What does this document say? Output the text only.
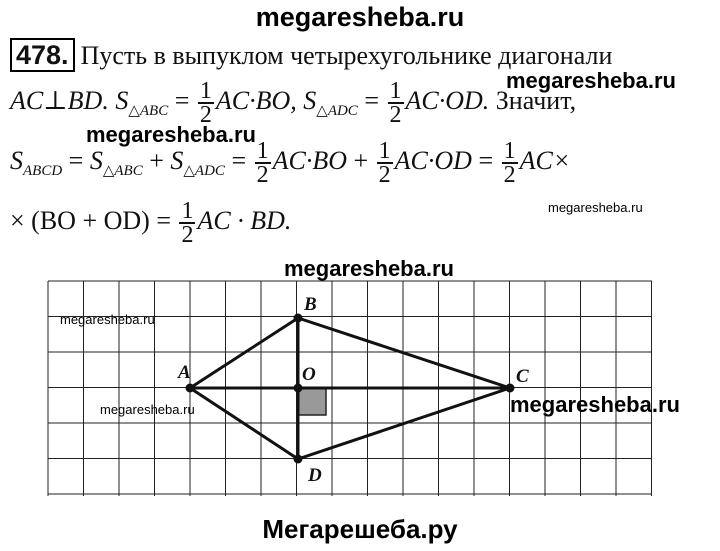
megaresheba.ru
478. Пусть в выпуклом четырехугольнике диагонали
AC⊥BD. $S_{\triangle ABC} = \frac{1}{2} AC\cdot BO$, $S_{\triangle ADC} = \frac{1}{2} AC\cdot OD$. Значит,
megaresheba.ru
megaresheba.ru
$S_{ABCD} = S_{\triangle ABC} + S_{\triangle ADC} = \frac{1}{2} AC\cdot BO + \frac{1}{2} AC\cdot OD = \frac{1}{2} AC\times$
megaresheba.ru
× $(BO + OD) = \frac{1}{2}$ AC · BD.
megaresheba.ru
A
B
C
D
O
megaresheba.ru
megaresheba.ru	megaresheba.ru
Мегарешеба.ру
